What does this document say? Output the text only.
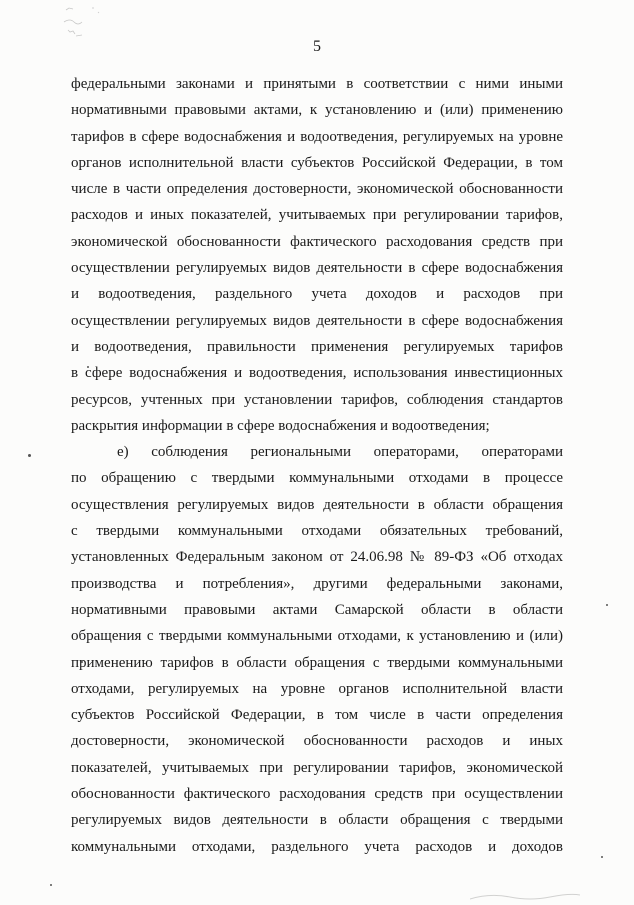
5
федеральными законами и принятыми в соответствии с ними иными
нормативными правовыми актами, к установлению и (или) применению
тарифов в сфере водоснабжения и водоотведения, регулируемых на уровне
органов исполнительной власти субъектов Российской Федерации, в том
числе в части определения достоверности, экономической обоснованности
расходов и иных показателей, учитываемых при регулировании тарифов,
экономической обоснованности фактического расходования средств при
осуществлении регулируемых видов деятельности в сфере водоснабжения
и водоотведения, раздельного учета доходов и расходов при
осуществлении регулируемых видов деятельности в сфере водоснабжения
и водоотведения, правильности применения регулируемых тарифов
в сфере водоснабжения и водоотведения, использования инвестиционных
ресурсов, учтенных при установлении тарифов, соблюдения стандартов
раскрытия информации в сфере водоснабжения и водоотведения;
е) соблюдения региональными операторами, операторами
по обращению с твердыми коммунальными отходами в процессе
осуществления регулируемых видов деятельности в области обращения
с твердыми коммунальными отходами обязательных требований,
установленных Федеральным законом от 24.06.98 № 89-ФЗ «Об отходах
производства и потребления», другими федеральными законами,
нормативными правовыми актами Самарской области в области
обращения с твердыми коммунальными отходами, к установлению и (или)
применению тарифов в области обращения с твердыми коммунальными
отходами, регулируемых на уровне органов исполнительной власти
субъектов Российской Федерации, в том числе в части определения
достоверности, экономической обоснованности расходов и иных
показателей, учитываемых при регулировании тарифов, экономической
обоснованности фактического расходования средств при осуществлении
регулируемых видов деятельности в области обращения с твердыми
коммунальными отходами, раздельного учета расходов и доходов
